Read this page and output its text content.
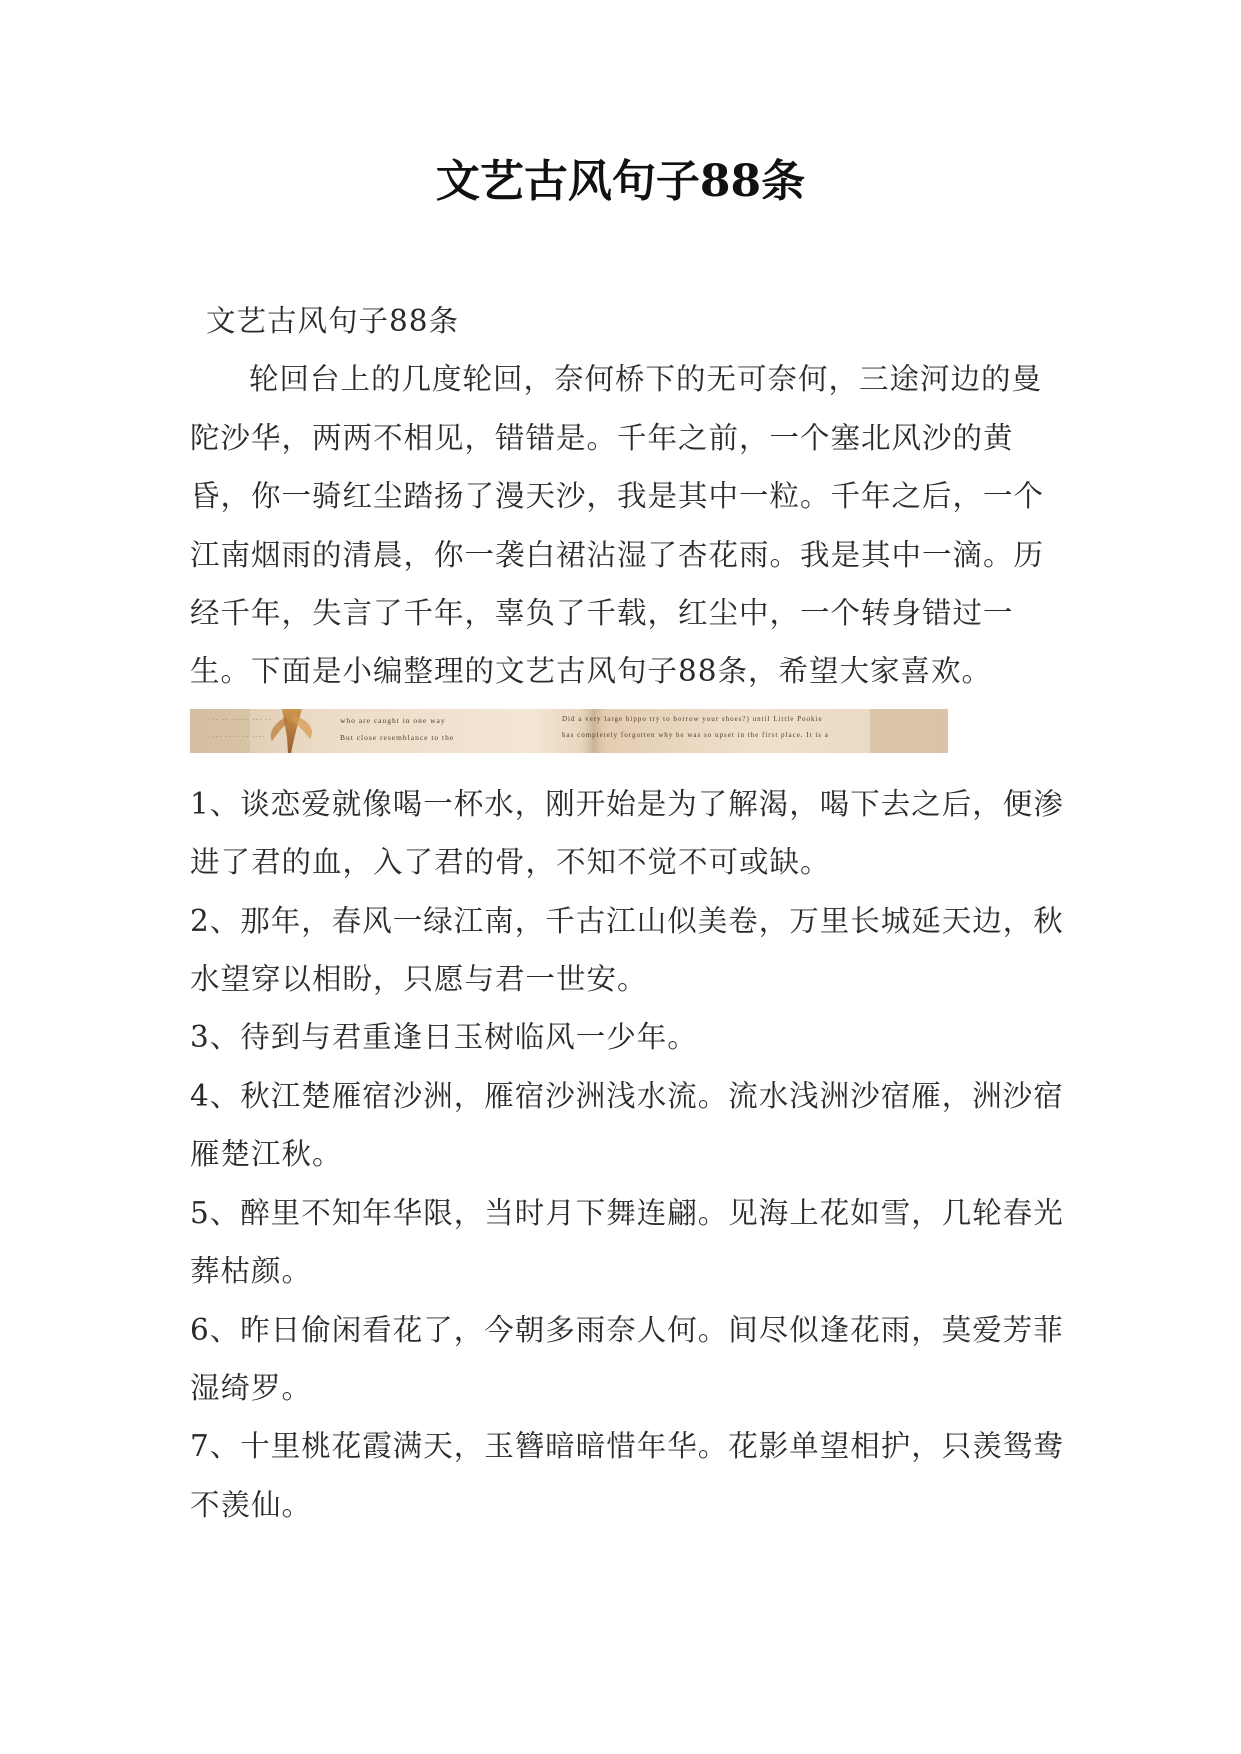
文艺古风句子88条

文艺古风句子88条

轮回台上的几度轮回，奈何桥下的无可奈何，三途河边的曼陀沙华，两两不相见，错错是。千年之前，一个塞北风沙的黄昏，你一骑红尘踏扬了漫天沙，我是其中一粒。千年之后，一个江南烟雨的清晨，你一袭白裙沾湿了杏花雨。我是其中一滴。历经千年，失言了千年，辜负了千载，红尘中，一个转身错过一生。下面是小编整理的文艺古风句子88条，希望大家喜欢。

·· ·· ····· ··· ··
··· ···· ·· ····
who are caught in one way
But close resemblance to the
Did a very large hippo try to borrow your shoes?) until Little Pookie
has completely forgotten why he was so upset in the first place. It is a

1、谈恋爱就像喝一杯水，刚开始是为了解渴，喝下去之后，便渗进了君的血，入了君的骨，不知不觉不可或缺。

2、那年，春风一绿江南，千古江山似美卷，万里长城延天边，秋水望穿以相盼，只愿与君一世安。

3、待到与君重逢日玉树临风一少年。

4、秋江楚雁宿沙洲，雁宿沙洲浅水流。流水浅洲沙宿雁，洲沙宿雁楚江秋。

5、醉里不知年华限，当时月下舞连翩。见海上花如雪，几轮春光葬枯颜。

6、昨日偷闲看花了，今朝多雨奈人何。间尽似逢花雨，莫爱芳菲湿绮罗。

7、十里桃花霞满天，玉簪暗暗惜年华。花影单望相护，只羡鸳鸯不羡仙。
